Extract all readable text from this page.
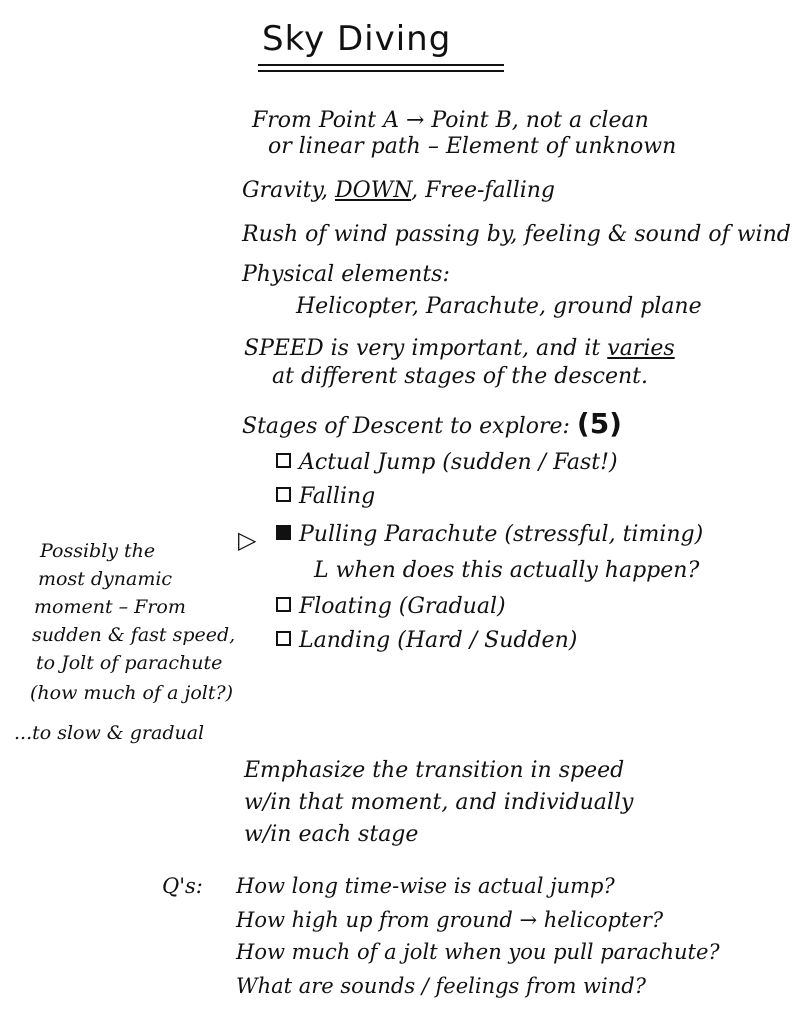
Sky Diving
From Point A → Point B, not a clean
or linear path – Element of unknown
Gravity, DOWN, Free-falling
Rush of wind passing by, feeling & sound of wind
Physical elements:
Helicopter, Parachute, ground plane
SPEED is very important, and it varies
at different stages of the descent.
Stages of Descent to explore: (5)
Actual Jump (sudden / Fast!)
Falling
▷	Pulling Parachute (stressful, timing)
L when does this actually happen?
Floating (Gradual)
Landing (Hard / Sudden)
Possibly the
most dynamic
moment – From
sudden & fast speed,
to Jolt of parachute
(how much of a jolt?)
...to slow & gradual
Emphasize the transition in speed
w/in that moment, and individually
w/in each stage
Q's: How long time-wise is actual jump?
How high up from ground → helicopter?
How much of a jolt when you pull parachute?
What are sounds / feelings from wind?
